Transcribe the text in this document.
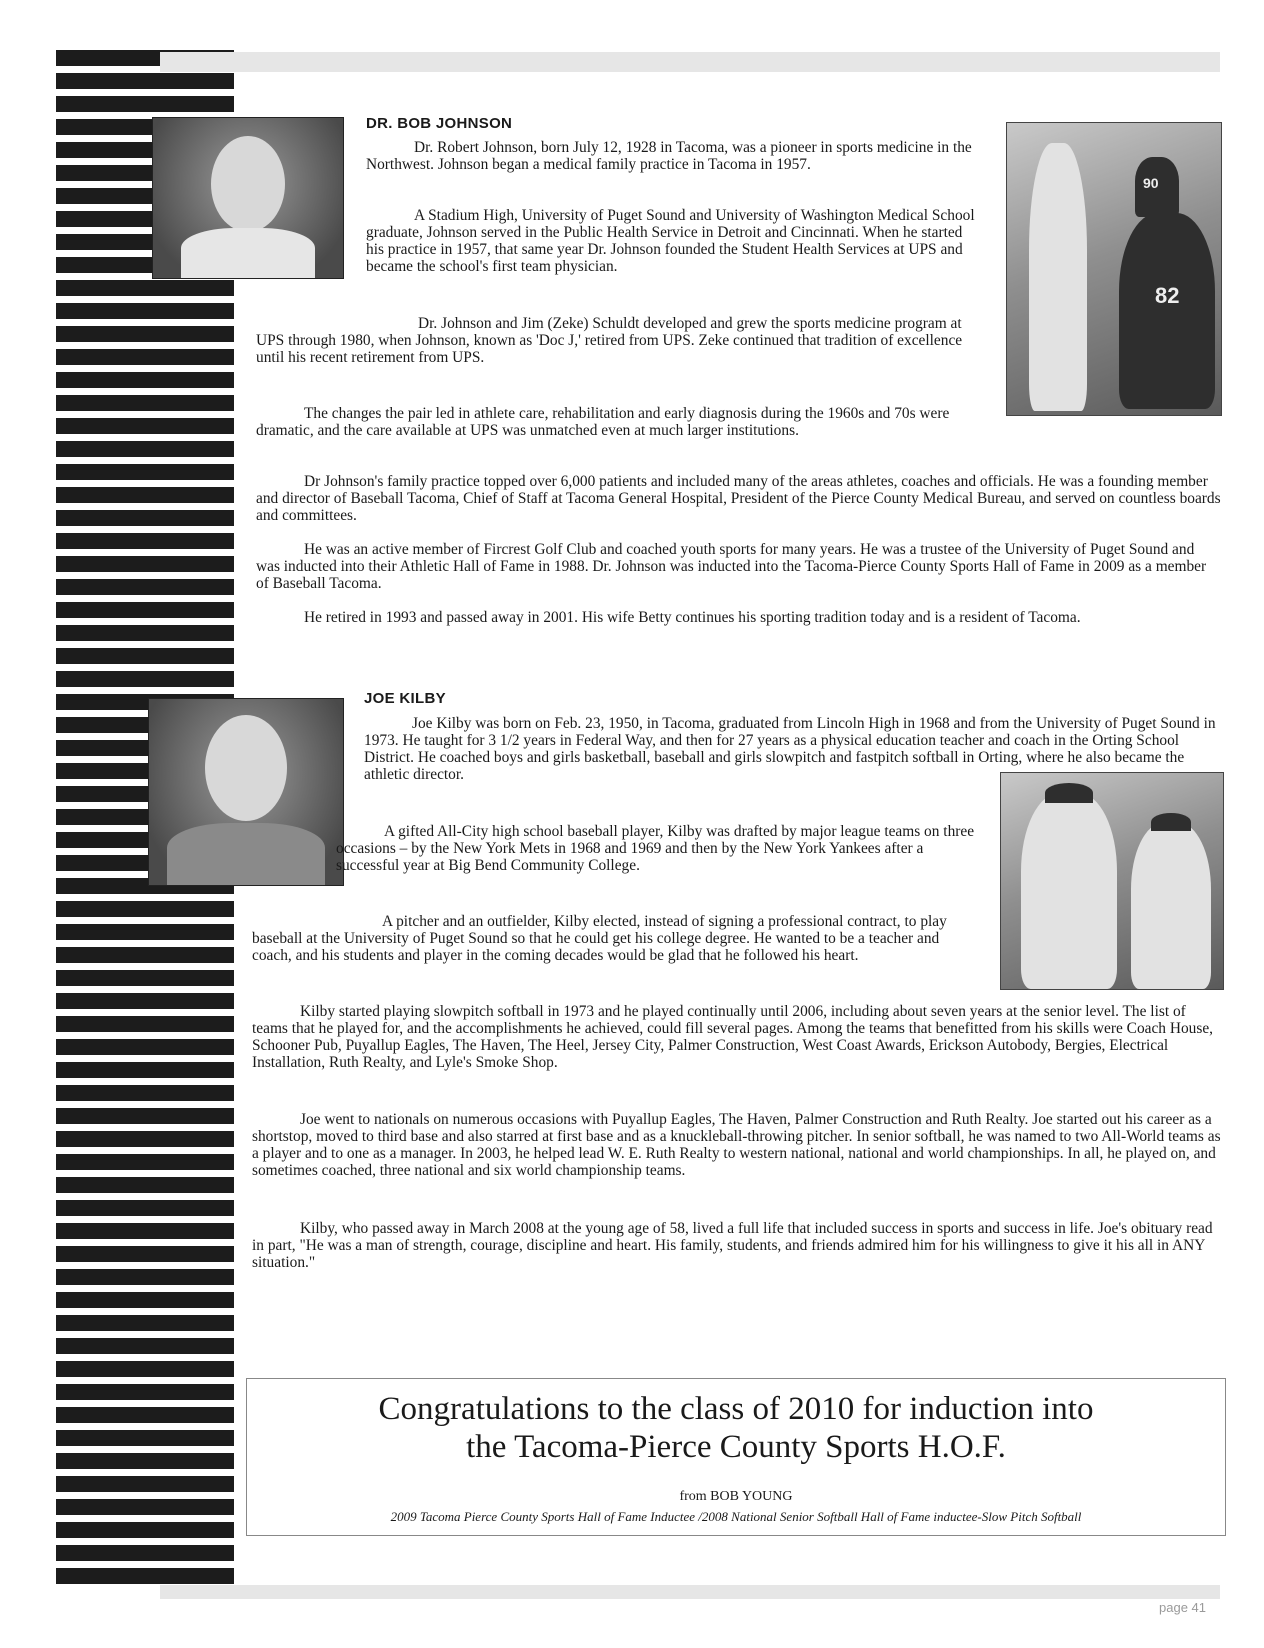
DR. BOB JOHNSON

Dr. Robert Johnson, born July 12, 1928 in Tacoma, was a pioneer in sports medicine in the Northwest. Johnson began a medical family practice in Tacoma in 1957.

A Stadium High, University of Puget Sound and University of Washington Medical School graduate, Johnson served in the Public Health Service in Detroit and Cincinnati. When he started his practice in 1957, that same year Dr. Johnson founded the Student Health Services at UPS and became the school's first team physician.

Dr. Johnson and Jim (Zeke) Schuldt developed and grew the sports medicine program at UPS through 1980, when Johnson, known as 'Doc J,' retired from UPS. Zeke continued that tradition of excellence until his recent retirement from UPS.

The changes the pair led in athlete care, rehabilitation and early diagnosis during the 1960s and 70s were dramatic, and the care available at UPS was unmatched even at much larger institutions.

Dr Johnson's family practice topped over 6,000 patients and included many of the areas athletes, coaches and officials. He was a founding member and director of Baseball Tacoma, Chief of Staff at Tacoma General Hospital, President of the Pierce County Medical Bureau, and served on countless boards and committees.

He was an active member of Fircrest Golf Club and coached youth sports for many years. He was a trustee of the University of Puget Sound and was inducted into their Athletic Hall of Fame in 1988. Dr. Johnson was inducted into the Tacoma-Pierce County Sports Hall of Fame in 2009 as a member of Baseball Tacoma.

He retired in 1993 and passed away in 2001. His wife Betty continues his sporting tradition today and is a resident of Tacoma.

82
90
JOE KILBY

Joe Kilby was born on Feb. 23, 1950, in Tacoma, graduated from Lincoln High in 1968 and from the University of Puget Sound in 1973. He taught for 3 1/2 years in Federal Way, and then for 27 years as a physical education teacher and coach in the Orting School District. He coached boys and girls basketball, baseball and girls slowpitch and fastpitch softball in Orting, where he also became the athletic director.

A gifted All-City high school baseball player, Kilby was drafted by major league teams on three occasions – by the New York Mets in 1968 and 1969 and then by the New York Yankees after a successful year at Big Bend Community College.

A pitcher and an outfielder, Kilby elected, instead of signing a professional contract, to play baseball at the University of Puget Sound so that he could get his college degree. He wanted to be a teacher and coach, and his students and player in the coming decades would be glad that he followed his heart.

Kilby started playing slowpitch softball in 1973 and he played continually until 2006, including about seven years at the senior level. The list of teams that he played for, and the accomplishments he achieved, could fill several pages. Among the teams that benefitted from his skills were Coach House, Schooner Pub, Puyallup Eagles, The Haven, The Heel, Jersey City, Palmer Construction, West Coast Awards, Erickson Autobody, Bergies, Electrical Installation, Ruth Realty, and Lyle's Smoke Shop.

Joe went to nationals on numerous occasions with Puyallup Eagles, The Haven, Palmer Construction and Ruth Realty. Joe started out his career as a shortstop, moved to third base and also starred at first base and as a knuckleball-throwing pitcher. In senior softball, he was named to two All-World teams as a player and to one as a manager. In 2003, he helped lead W. E. Ruth Realty to western national, national and world championships. In all, he played on, and sometimes coached, three national and six world championship teams.

Kilby, who passed away in March 2008 at the young age of 58, lived a full life that included success in sports and success in life. Joe's obituary read in part, "He was a man of strength, courage, discipline and heart. His family, students, and friends admired him for his willingness to give it his all in ANY situation."

Congratulations to the class of 2010 for induction into
the Tacoma-Pierce County Sports H.O.F.
from BOB YOUNG
2009 Tacoma Pierce County Sports Hall of Fame Inductee /2008 National Senior Softball Hall of Fame inductee-Slow Pitch Softball
page 41
